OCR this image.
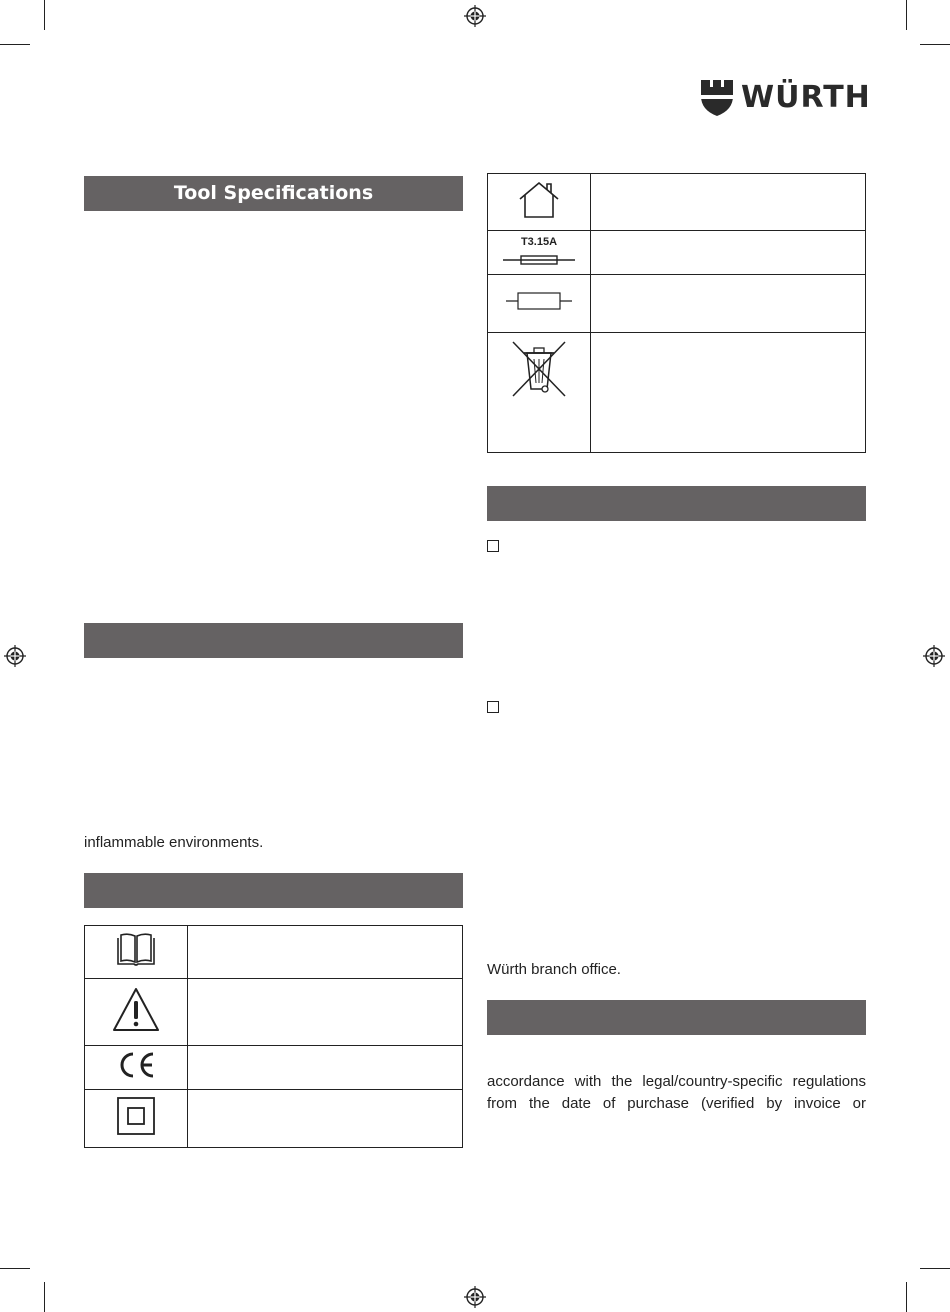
WÜRTH
Tool Specifications
inflammable environments.

T3.15A	

Würth branch office.
accordance with the legal/country-specific regulations
from the date of purchase (verified by invoice or
